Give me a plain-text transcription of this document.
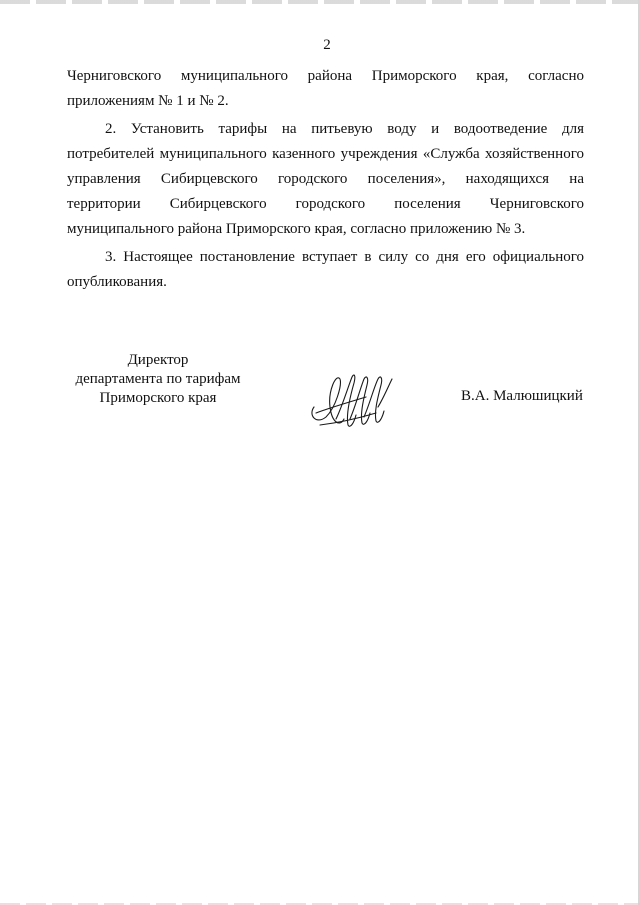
2
Черниговского муниципального района Приморского края, согласно
приложениям № 1 и № 2.
2. Установить тарифы на питьевую воду и водоотведение для
потребителей муниципального казенного учреждения «Служба хозяйственного
управления Сибирцевского городского поселения», находящихся на
территории Сибирцевского городского поселения Черниговского
муниципального района Приморского края, согласно приложению № 3.
3. Настоящее постановление вступает в силу со дня его официального
опубликования.
Директор
департамента по тарифам
Приморского края	В.А. Малюшицкий
